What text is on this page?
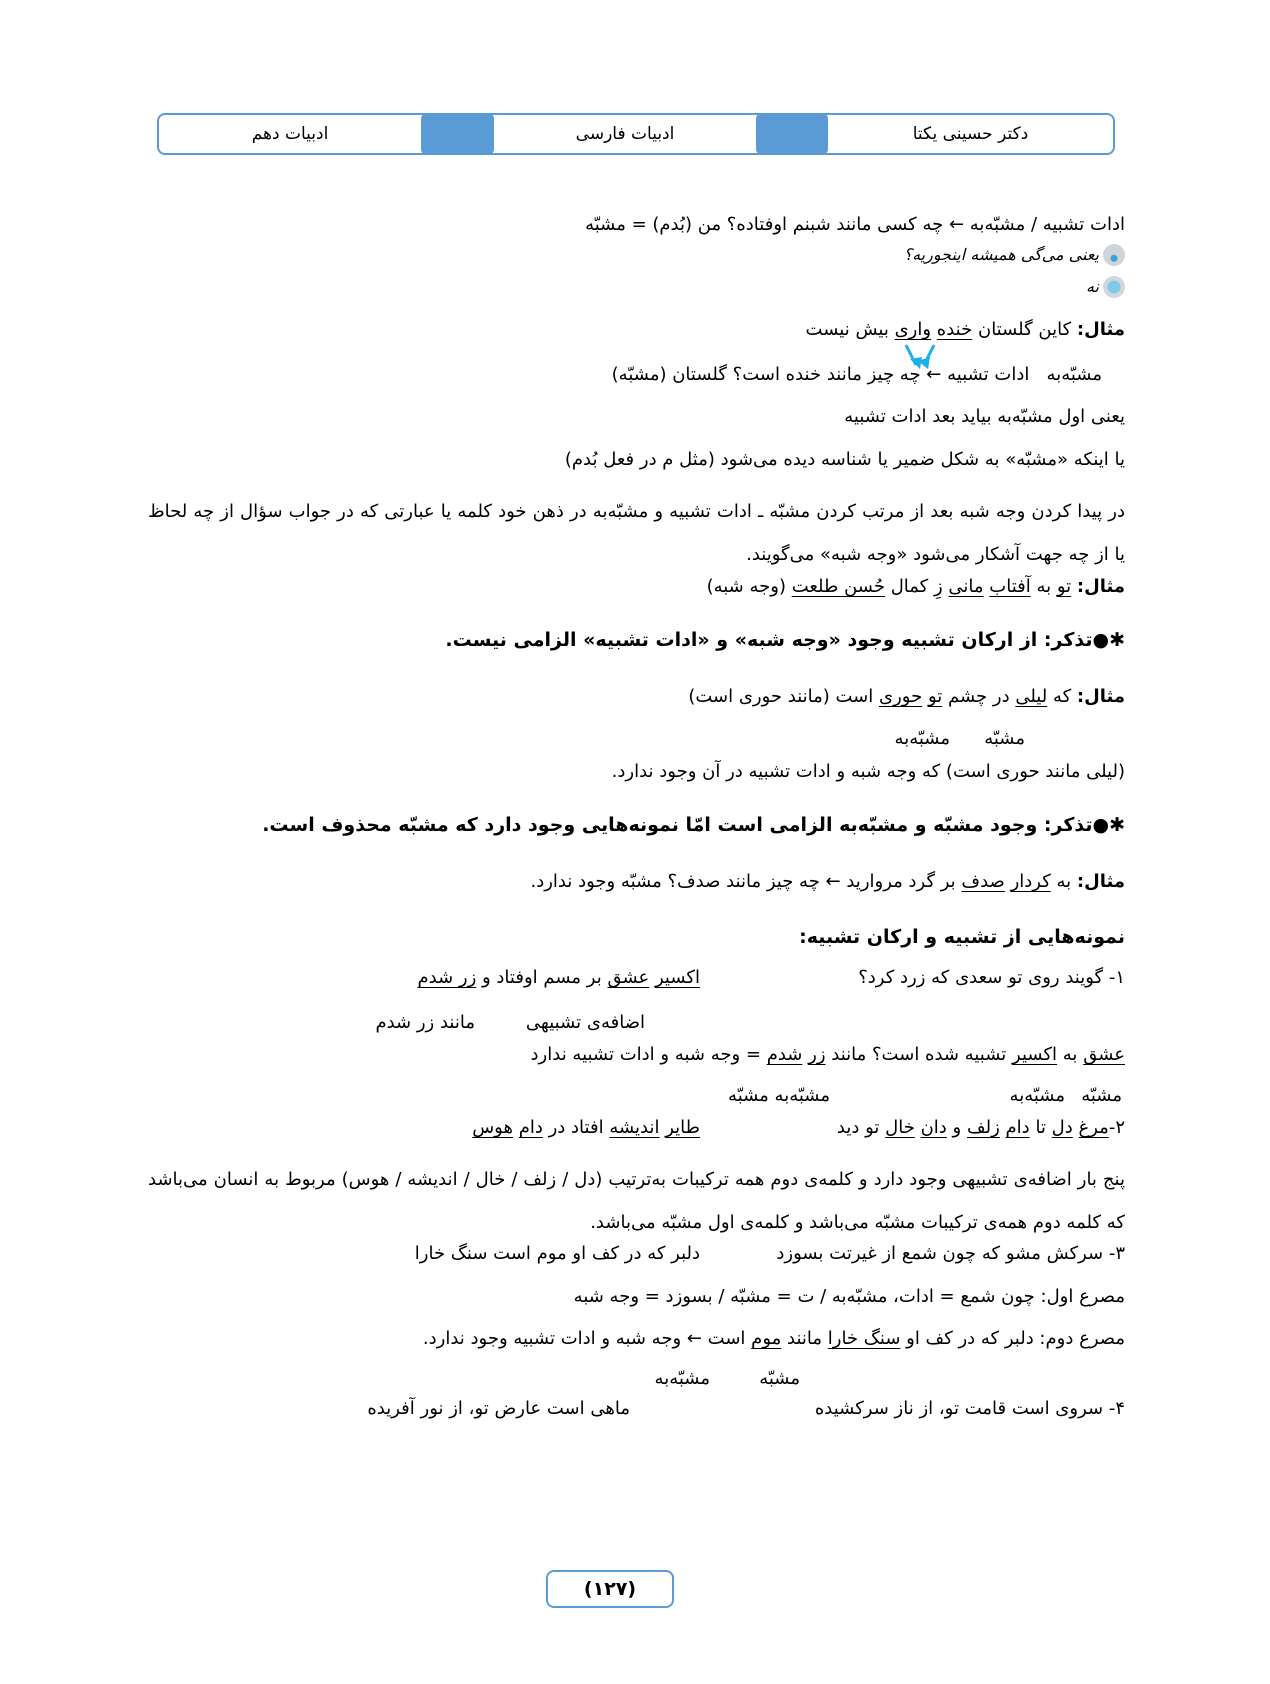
دکتر حسینی یکتا
ادبیات فارسی
ادبیات دهم
ادات تشبیه / مشبّه‌به ← چه کسی مانند شبنم اوفتاده؟ من (بُدم) = مشبّه
یعنی می‌گی همیشه اینجوریه؟
نه
مثال: کاین گلستان خنده واری بیش نیست
مشبّه‌به   ادات تشبیه ← چه چیز مانند خنده است؟ گلستان (مشبّه)
یعنی اول مشبّه‌به بیاید بعد ادات تشبیه
یا اینکه «مشبّه» به شکل ضمیر یا شناسه دیده می‌شود (مثل م در فعل بُدم)
در پیدا کردن وجه شبه بعد از مرتب کردن مشبّه ـ ادات تشبیه و مشبّه‌به در ذهن خود کلمه یا عبارتی که در جواب سؤال از چه لحاظ یا از چه جهت آشکار می‌شود «وجه شبه» می‌گویند.
مثال: تو به آفتاب مانی زِ کمال حُسن طلعت (وجه شبه)
✱●تذکر: از ارکان تشبیه وجود «وجه شبه» و «ادات تشبیه» الزامی نیست.
مثال: که لیلی در چشم تو حوری است (مانند حوری است)
مشبّه
مشبّه‌به
(لیلی مانند حوری است) که وجه شبه و ادات تشبیه در آن وجود ندارد.
✱●تذکر: وجود مشبّه و مشبّه‌به الزامی است امّا نمونه‌هایی وجود دارد که مشبّه محذوف است.
مثال: به کردار صدف بر گرد مروارید ← چه چیز مانند صدف؟ مشبّه وجود ندارد.
نمونه‌هایی از تشبیه و ارکان تشبیه:
۱- گویند روی تو سعدی که زرد کرد؟
اکسیر عشق بر مسم اوفتاد و زر شدم
اضافه‌ی تشبیهی
مانند زر شدم
عشق به اکسیر تشبیه شده است؟ مانند زر شدم = وجه شبه و ادات تشبیه ندارد
مشبّه
مشبّه‌به
مشبّه‌به مشبّه
۲-مرغ دل تا دام زلف و دان خال تو دید
طایر اندیشه افتاد در دام هوس
پنج بار اضافه‌ی تشبیهی وجود دارد و کلمه‌ی دوم همه ترکیبات به‌ترتیب (دل / زلف / خال / اندیشه / هوس) مربوط به انسان می‌باشد که کلمه دوم همه‌ی ترکیبات مشبّه می‌باشد و کلمه‌ی اول مشبّه می‌باشد.
۳- سرکش مشو که چون شمع از غیرتت بسوزد
دلبر که در کف او موم است سنگ خارا
مصرع اول: چون شمع = ادات، مشبّه‌به / ت = مشبّه / بسوزد = وجه شبه
مصرع دوم: دلبر که در کف او سنگ خارا مانند موم است ← وجه شبه و ادات تشبیه وجود ندارد.
مشبّه
مشبّه‌به
۴- سروی است قامت تو، از ناز سرکشیده
ماهی است عارض تو، از نور آفریده
(۱۲۷)
